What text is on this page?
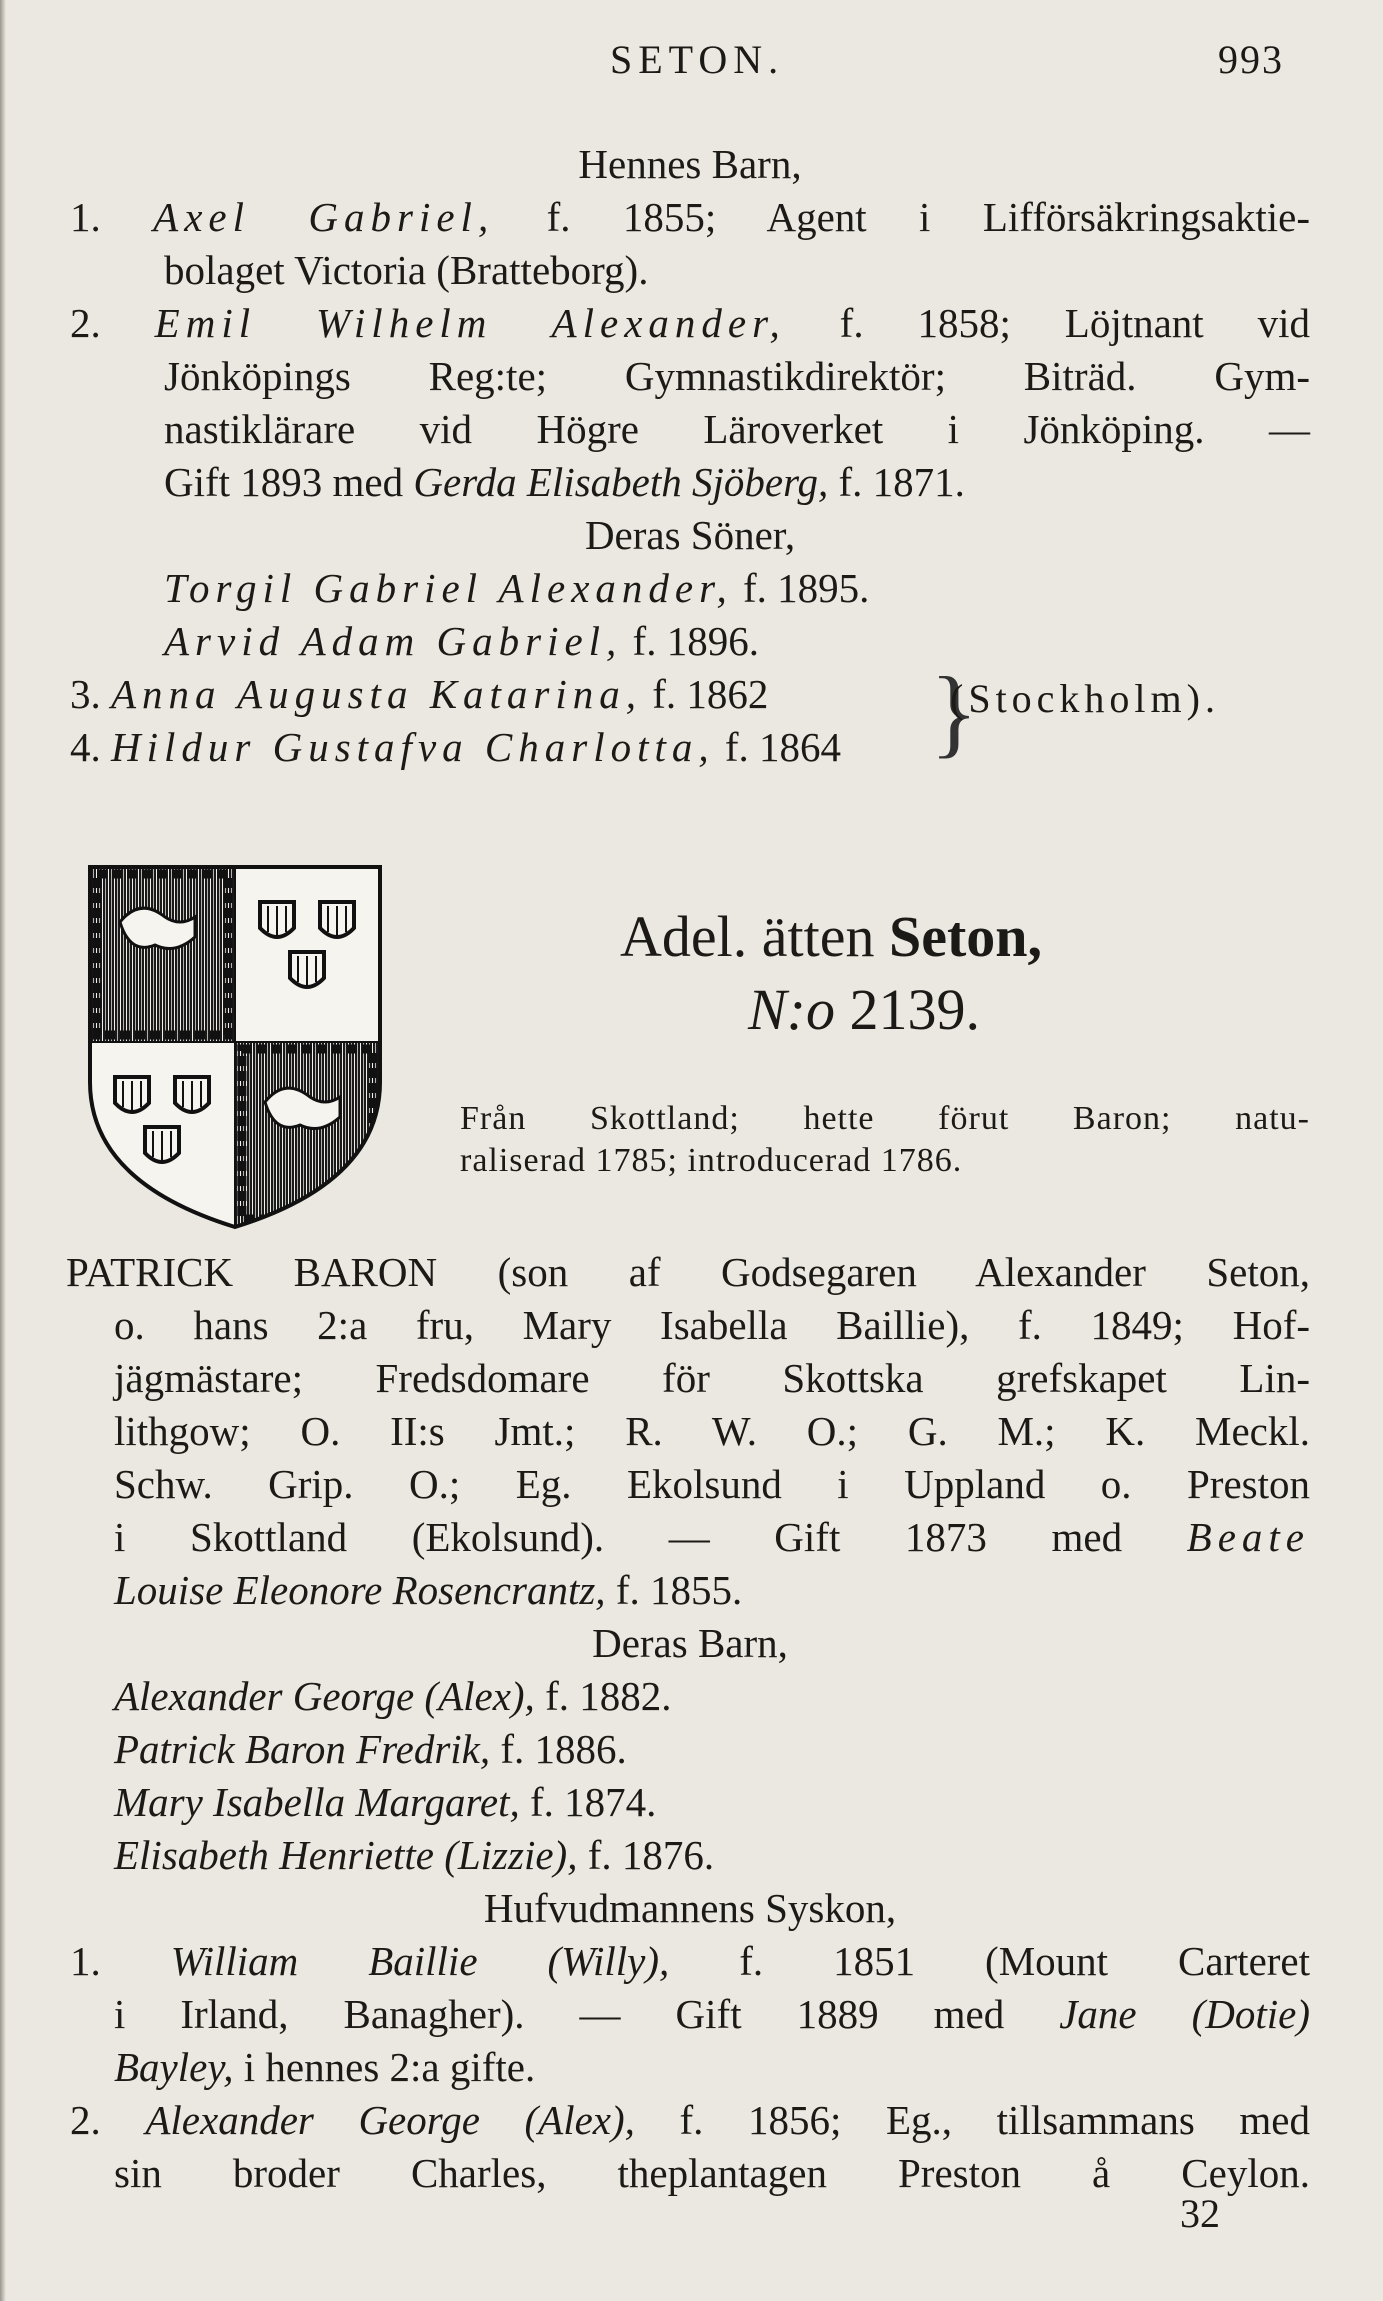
SETON.	993
Hennes Barn,
1. Axel Gabriel, f. 1855; Agent i Lifförsäkringsaktie-
bolaget Victoria (Bratteborg).
2. Emil Wilhelm Alexander, f. 1858; Löjtnant vid
Jönköpings Reg:te; Gymnastikdirektör; Biträd. Gym-
nastiklärare vid Högre Läroverket i Jönköping. —
Gift 1893 med Gerda Elisabeth Sjöberg, f. 1871.
Deras Söner,
Torgil Gabriel Alexander, f. 1895.
Arvid Adam Gabriel, f. 1896.
3. Anna Augusta Katarina, f. 1862
4. Hildur Gustafva Charlotta, f. 1864 }
(Stockholm).
Adel. ätten Seton,
N:o 2139.
Från Skottland; hette förut Baron; natu-
raliserad 1785; introducerad 1786.
PATRICK BARON (son af Godsegaren Alexander Seton,
o. hans 2:a fru, Mary Isabella Baillie), f. 1849; Hof-
jägmästare; Fredsdomare för Skottska grefskapet Lin-
lithgow; O. II:s Jmt.; R. W. O.; G. M.; K. Meckl.
Schw. Grip. O.; Eg. Ekolsund i Uppland o. Preston
i Skottland (Ekolsund). — Gift 1873 med Beate
Louise Eleonore Rosencrantz, f. 1855.
Deras Barn,
Alexander George (Alex), f. 1882.
Patrick Baron Fredrik, f. 1886.
Mary Isabella Margaret, f. 1874.
Elisabeth Henriette (Lizzie), f. 1876.
Hufvudmannens Syskon,
1. William Baillie (Willy), f. 1851 (Mount Carteret
i Irland, Banagher). — Gift 1889 med Jane (Dotie)
Bayley, i hennes 2:a gifte.
2. Alexander George (Alex), f. 1856; Eg., tillsammans med
sin broder Charles, theplantagen Preston å Ceylon.
32
